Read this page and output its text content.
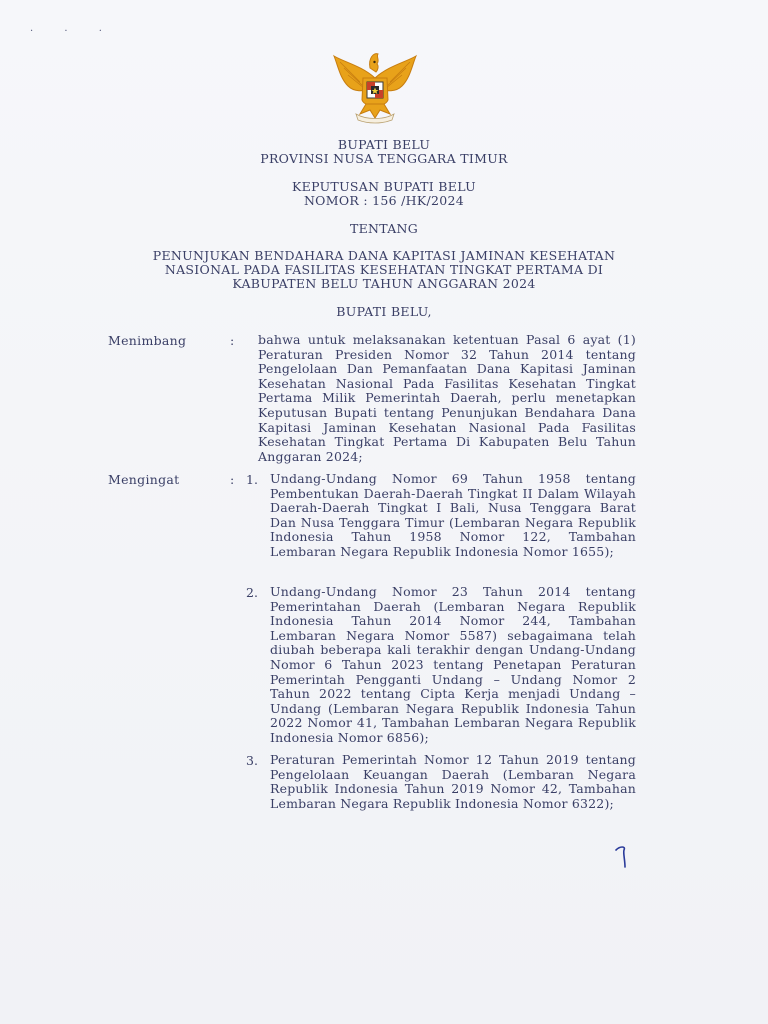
· · ·
BUPATI BELU
PROVINSI NUSA TENGGARA TIMUR
KEPUTUSAN BUPATI BELU
NOMOR : 156 /HK/2024
TENTANG
PENUNJUKAN BENDAHARA DANA KAPITASI JAMINAN KESEHATAN
NASIONAL PADA FASILITAS KESEHATAN TINGKAT PERTAMA DI
KABUPATEN BELU TAHUN ANGGARAN 2024
BUPATI BELU,
Menimbang	: bahwa untuk melaksanakan ketentuan Pasal 6 ayat (1) Peraturan Presiden Nomor 32 Tahun 2014 tentang Pengelolaan Dan Pemanfaatan Dana Kapitasi Jaminan Kesehatan Nasional Pada Fasilitas Kesehatan Tingkat Pertama Milik Pemerintah Daerah, perlu menetapkan Keputusan Bupati tentang Penunjukan Bendahara Dana Kapitasi Jaminan Kesehatan Nasional Pada Fasilitas Kesehatan Tingkat Pertama Di Kabupaten Belu Tahun Anggaran 2024;

Mengingat	: 1. Undang-Undang Nomor 69 Tahun 1958 tentang Pembentukan Daerah-Daerah Tingkat II Dalam Wilayah Daerah-Daerah Tingkat I Bali, Nusa Tenggara Barat Dan Nusa Tenggara Timur (Lembaran Negara Republik Indonesia Tahun 1958 Nomor 122, Tambahan Lembaran Negara Republik Indonesia Nomor 1655);

2. Undang-Undang Nomor 23 Tahun 2014 tentang Pemerintahan Daerah (Lembaran Negara Republik Indonesia Tahun 2014 Nomor 244, Tambahan Lembaran Negara Nomor 5587) sebagaimana telah diubah beberapa kali terakhir dengan Undang-Undang Nomor 6 Tahun 2023 tentang Penetapan Peraturan Pemerintah Pengganti Undang – Undang Nomor 2 Tahun 2022 tentang Cipta Kerja menjadi Undang – Undang (Lembaran Negara Republik Indonesia Tahun 2022 Nomor 41, Tambahan Lembaran Negara Republik Indonesia Nomor 6856);

3. Peraturan Pemerintah Nomor 12 Tahun 2019 tentang Pengelolaan Keuangan Daerah (Lembaran Negara Republik Indonesia Tahun 2019 Nomor 42, Tambahan Lembaran Negara Republik Indonesia Nomor 6322);
